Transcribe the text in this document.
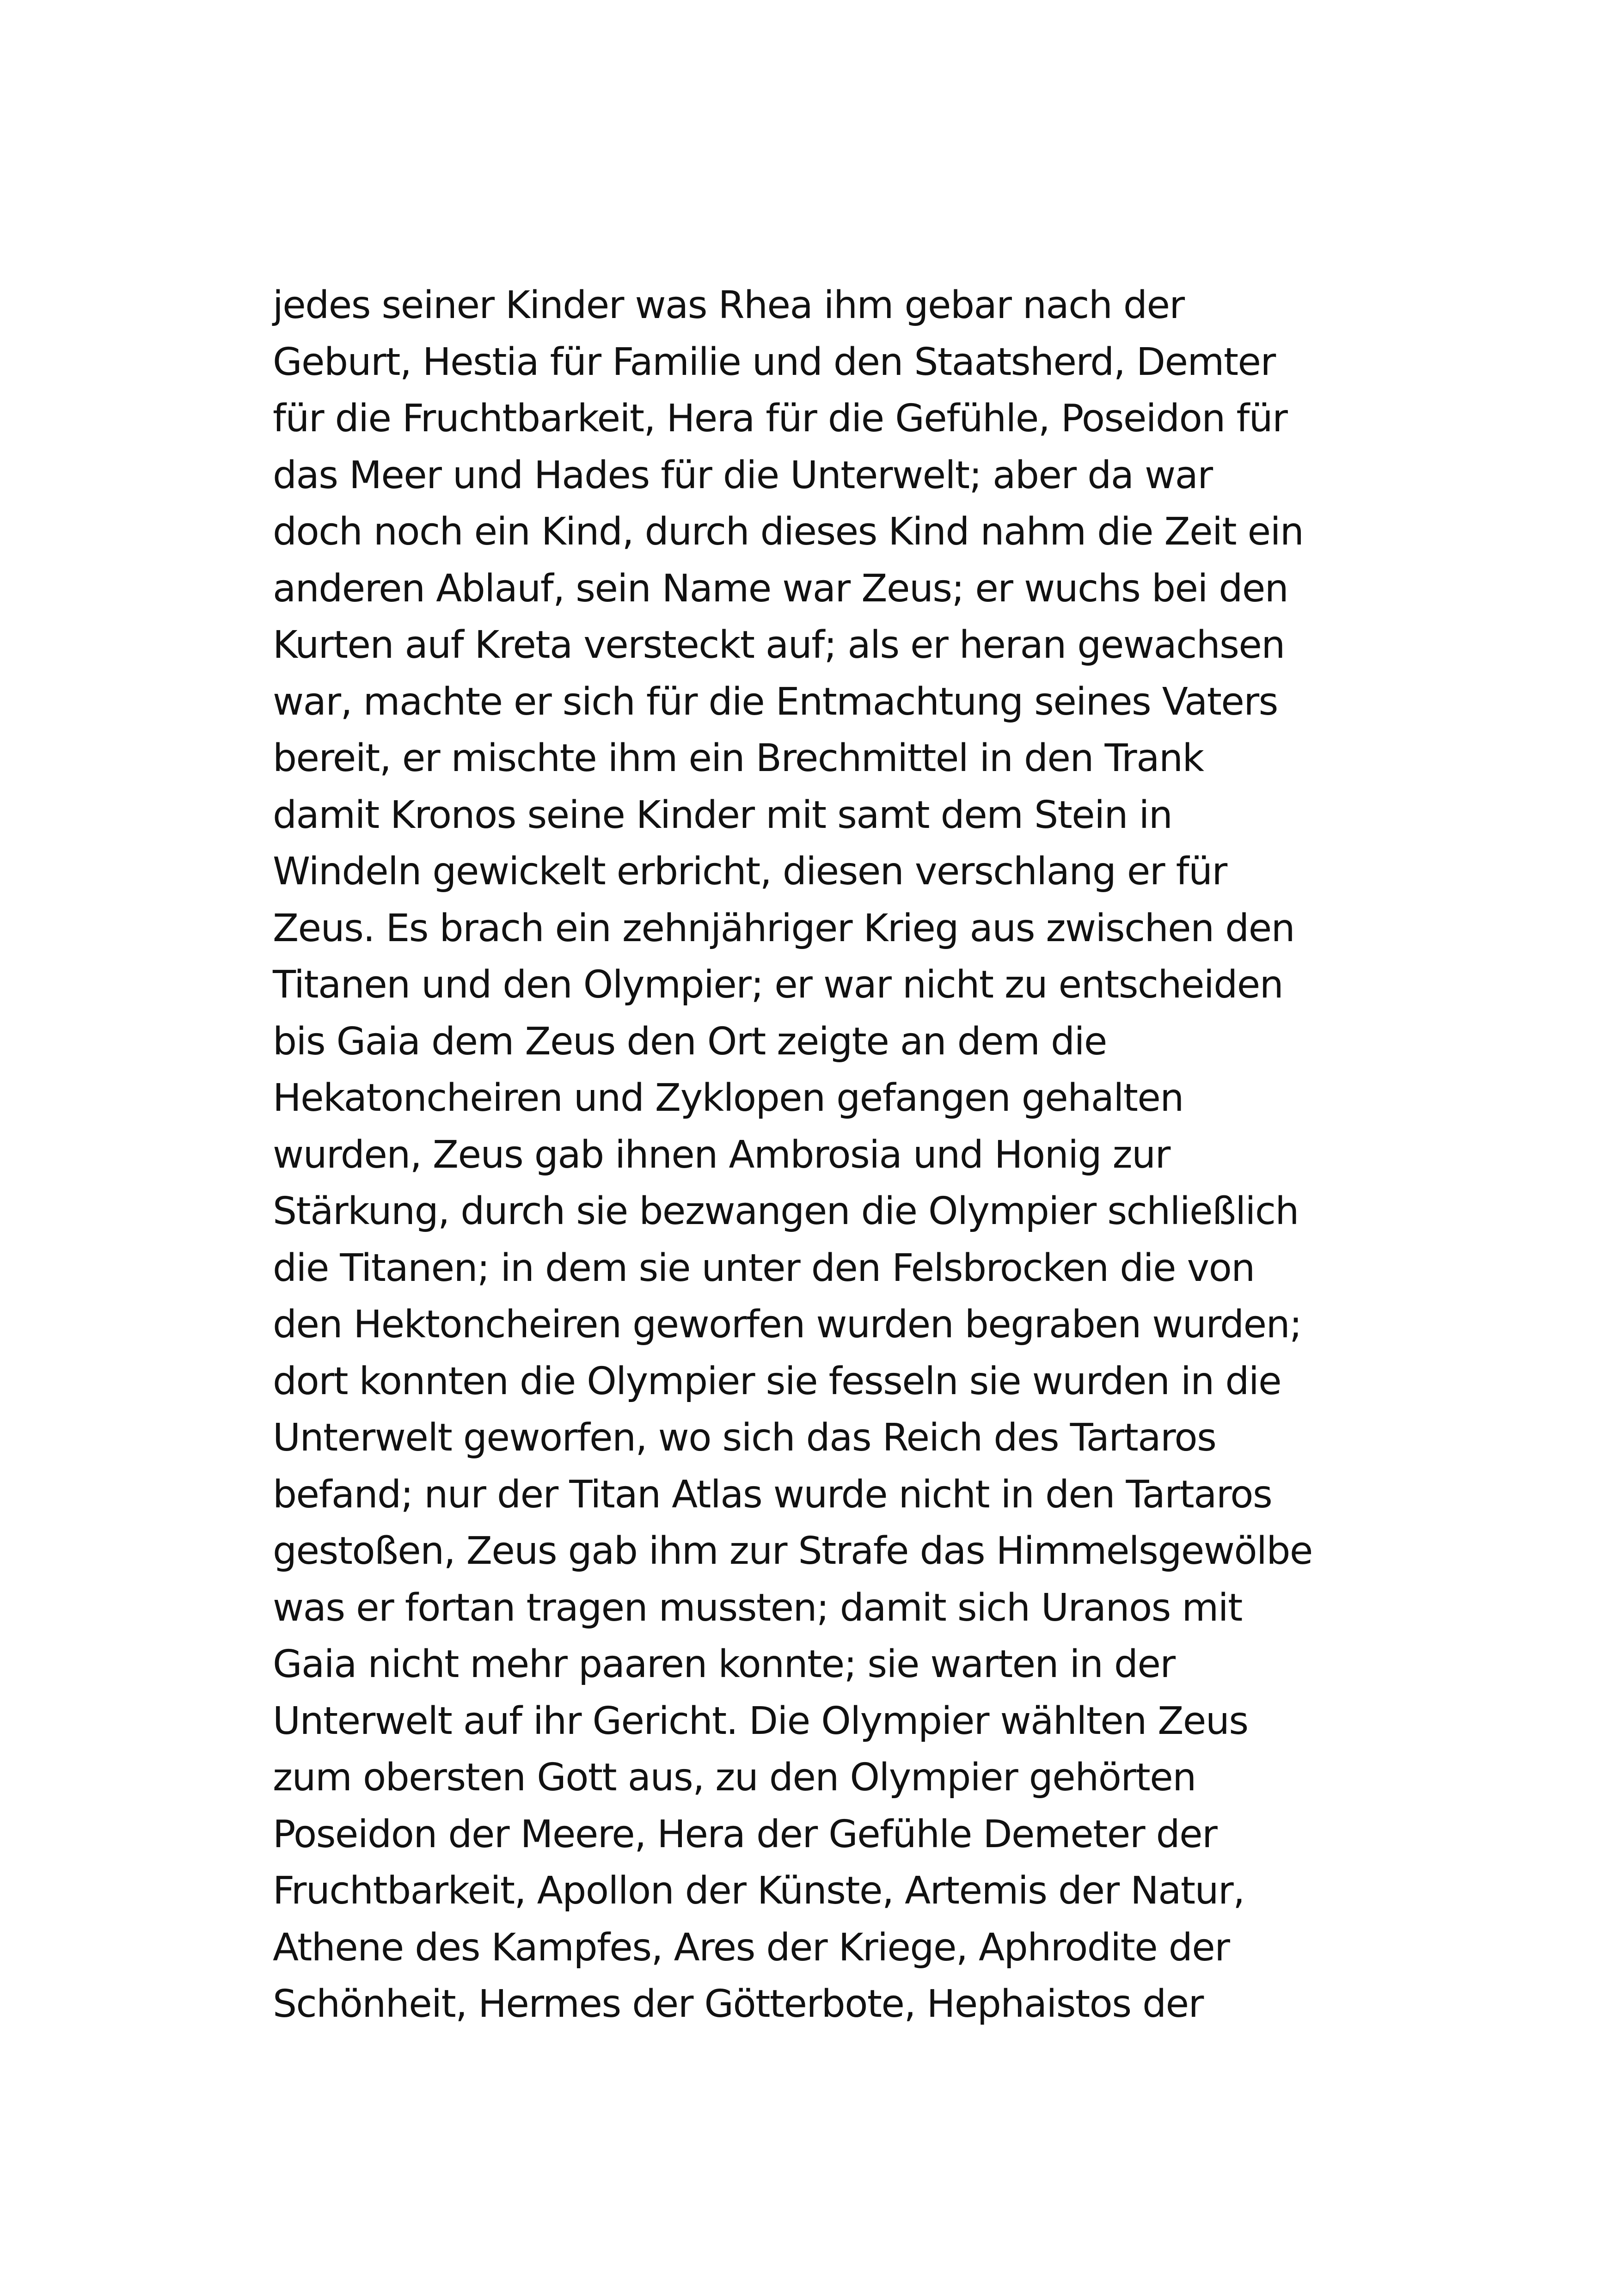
jedes seiner Kinder was Rhea ihm gebar nach der
Geburt, Hestia für Familie und den Staatsherd, Demter
für die Fruchtbarkeit, Hera für die Gefühle, Poseidon für
das Meer und Hades für die Unterwelt; aber da war
doch noch ein Kind, durch dieses Kind nahm die Zeit ein
anderen Ablauf, sein Name war Zeus; er wuchs bei den
Kurten auf Kreta versteckt auf; als er heran gewachsen
war, machte er sich für die Entmachtung seines Vaters
bereit, er mischte ihm ein Brechmittel in den Trank
damit Kronos seine Kinder mit samt dem Stein in
Windeln gewickelt erbricht, diesen verschlang er für
Zeus. Es brach ein zehnjähriger Krieg aus zwischen den
Titanen und den Olympier; er war nicht zu entscheiden
bis Gaia dem Zeus den Ort zeigte an dem die
Hekatoncheiren und Zyklopen gefangen gehalten
wurden, Zeus gab ihnen Ambrosia und Honig zur
Stärkung, durch sie bezwangen die Olympier schließlich
die Titanen; in dem sie unter den Felsbrocken die von
den Hektoncheiren geworfen wurden begraben wurden;
dort konnten die Olympier sie fesseln sie wurden in die
Unterwelt geworfen, wo sich das Reich des Tartaros
befand; nur der Titan Atlas wurde nicht in den Tartaros
gestoßen, Zeus gab ihm zur Strafe das Himmelsgewölbe
was er fortan tragen mussten; damit sich Uranos mit
Gaia nicht mehr paaren konnte; sie warten in der
Unterwelt auf ihr Gericht. Die Olympier wählten Zeus
zum obersten Gott aus, zu den Olympier gehörten
Poseidon der Meere, Hera der Gefühle Demeter der
Fruchtbarkeit, Apollon der Künste, Artemis der Natur,
Athene des Kampfes, Ares der Kriege, Aphrodite der
Schönheit, Hermes der Götterbote, Hephaistos der
